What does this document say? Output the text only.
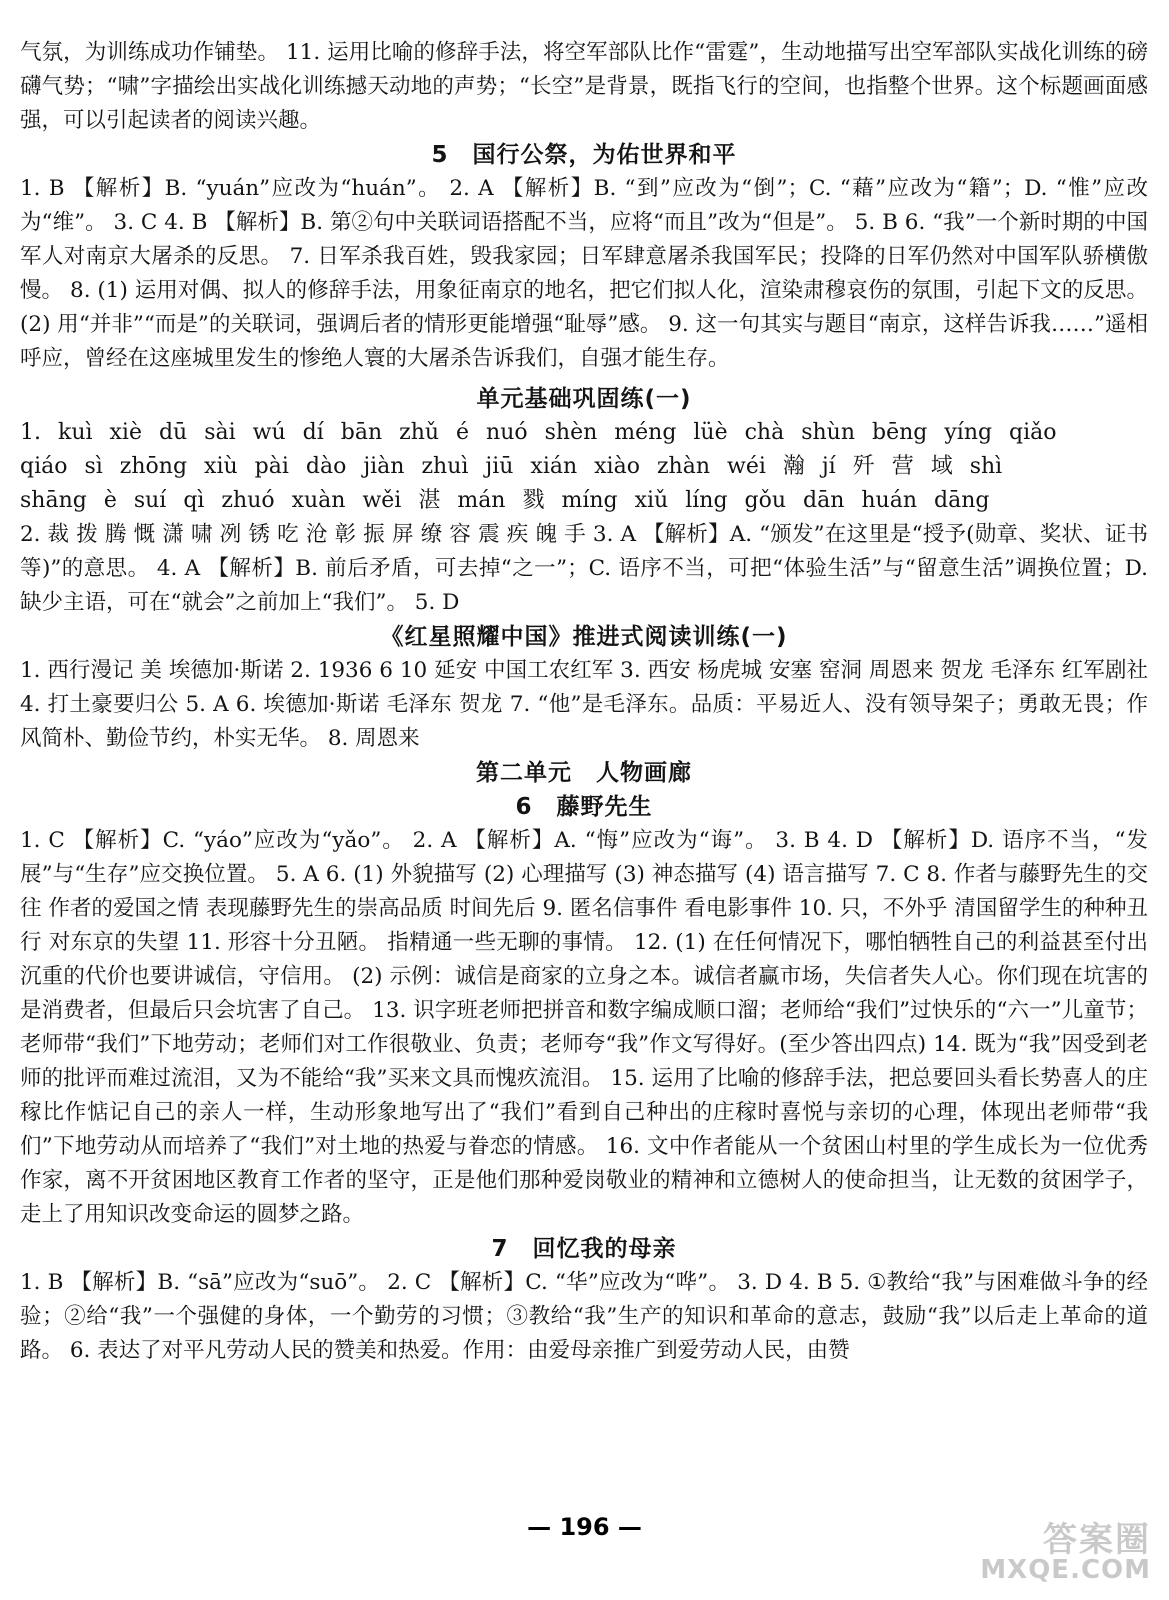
气氛，为训练成功作铺垫。 11. 运用比喻的修辞手法，将空军部队比作“雷霆”，生动地描写出空军部队实战化训练的磅礴气势；“啸”字描绘出实战化训练撼天动地的声势；“长空”是背景，既指飞行的空间，也指整个世界。这个标题画面感强，可以引起读者的阅读兴趣。

5　国行公祭，为佑世界和平

1. B 【解析】B. “yuán”应改为“huán”。 2. A 【解析】B. “到”应改为“倒”；C. “藉”应改为“籍”；D. “惟”应改为“维”。 3. C 4. B 【解析】B. 第②句中关联词语搭配不当，应将“而且”改为“但是”。 5. B 6. “我”一个新时期的中国军人对南京大屠杀的反思。 7. 日军杀我百姓，毁我家园；日军肆意屠杀我国军民；投降的日军仍然对中国军队骄横傲慢。 8. (1) 运用对偶、拟人的修辞手法，用象征南京的地名，把它们拟人化，渲染肃穆哀伤的氛围，引起下文的反思。 (2) 用“并非”“而是”的关联词，强调后者的情形更能增强“耻辱”感。 9. 这一句其实与题目“南京，这样告诉我……”遥相呼应，曾经在这座城里发生的惨绝人寰的大屠杀告诉我们，自强才能生存。

单元基础巩固练(一)

1. kuì xiè dū sài wú dí bān zhǔ é nuó shèn méng lüè chà shùn bēng yíng qiǎo

qiáo sì zhōng xiù pài dào jiàn zhuì jiū xián xiào zhàn wéi 瀚 jí 歼 营 域 shì

shāng è suí qì zhuó xuàn wěi 湛 mán 戮 míng xiǔ líng gǒu dān huán dāng

2. 裁 拨 腾 慨 潇 啸 冽 锈 吃 沧 彰 振 屏 缭 容 震 疾 魄 手 3. A 【解析】A. “颁发”在这里是“授予(勋章、奖状、证书等)”的意思。 4. A 【解析】B. 前后矛盾，可去掉“之一”；C. 语序不当，可把“体验生活”与“留意生活”调换位置；D. 缺少主语，可在“就会”之前加上“我们”。 5. D

《红星照耀中国》推进式阅读训练(一)

1. 西行漫记 美 埃德加·斯诺 2. 1936 6 10 延安 中国工农红军 3. 西安 杨虎城 安塞 窑洞 周恩来 贺龙 毛泽东 红军剧社 4. 打土豪要归公 5. A 6. 埃德加·斯诺 毛泽东 贺龙 7. “他”是毛泽东。品质：平易近人、没有领导架子；勇敢无畏；作风简朴、勤俭节约，朴实无华。 8. 周恩来

第二单元　人物画廊
6　藤野先生

1. C 【解析】C. “yáo”应改为“yǎo”。 2. A 【解析】A. “悔”应改为“诲”。 3. B 4. D 【解析】D. 语序不当，“发展”与“生存”应交换位置。 5. A 6. (1) 外貌描写 (2) 心理描写 (3) 神态描写 (4) 语言描写 7. C 8. 作者与藤野先生的交往 作者的爱国之情 表现藤野先生的崇高品质 时间先后 9. 匿名信事件 看电影事件 10. 只，不外乎 清国留学生的种种丑行 对东京的失望 11. 形容十分丑陋。 指精通一些无聊的事情。 12. (1) 在任何情况下，哪怕牺牲自己的利益甚至付出沉重的代价也要讲诚信，守信用。 (2) 示例：诚信是商家的立身之本。诚信者赢市场，失信者失人心。你们现在坑害的是消费者，但最后只会坑害了自己。 13. 识字班老师把拼音和数字编成顺口溜；老师给“我们”过快乐的“六一”儿童节；老师带“我们”下地劳动；老师们对工作很敬业、负责；老师夸“我”作文写得好。(至少答出四点) 14. 既为“我”因受到老师的批评而难过流泪，又为不能给“我”买来文具而愧疚流泪。 15. 运用了比喻的修辞手法，把总要回头看长势喜人的庄稼比作惦记自己的亲人一样，生动形象地写出了“我们”看到自己种出的庄稼时喜悦与亲切的心理，体现出老师带“我们”下地劳动从而培养了“我们”对土地的热爱与眷恋的情感。 16. 文中作者能从一个贫困山村里的学生成长为一位优秀作家，离不开贫困地区教育工作者的坚守，正是他们那种爱岗敬业的精神和立德树人的使命担当，让无数的贫困学子，走上了用知识改变命运的圆梦之路。

7　回忆我的母亲

1. B 【解析】B. “sā”应改为“suō”。 2. C 【解析】C. “华”应改为“哗”。 3. D 4. B 5. ①教给“我”与困难做斗争的经验；②给“我”一个强健的身体，一个勤劳的习惯；③教给“我”生产的知识和革命的意志，鼓励“我”以后走上革命的道路。 6. 表达了对平凡劳动人民的赞美和热爱。作用：由爱母亲推广到爱劳动人民，由赞

— 196 —	答案圈
MXQE.COM
